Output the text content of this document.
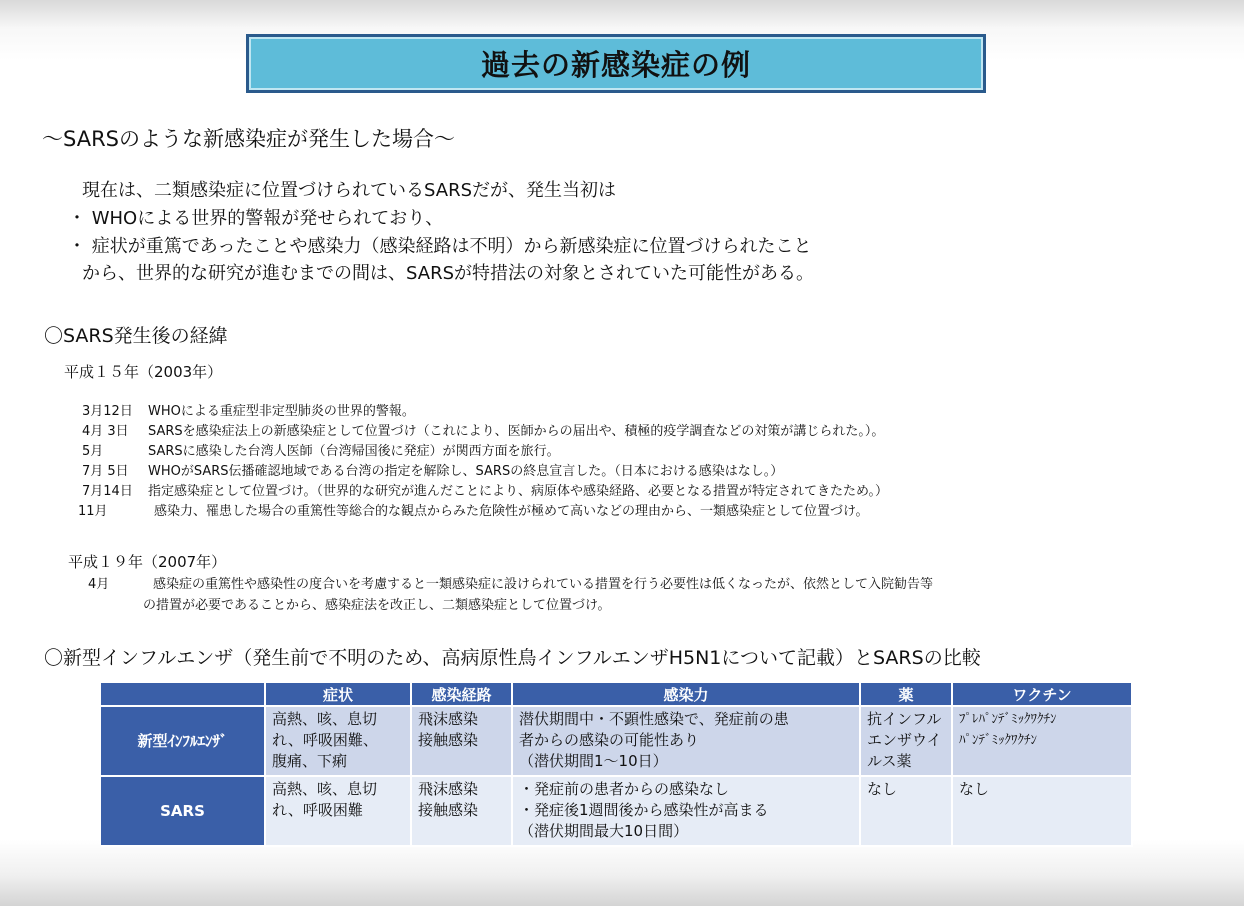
過去の新感染症の例
～SARSのような新感染症が発生した場合～
現在は、二類感染症に位置づけられているSARSだが、発生当初は
・ WHOによる世界的警報が発せられており、
・ 症状が重篤であったことや感染力（感染経路は不明）から新感染症に位置づけられたこと
から、世界的な研究が進むまでの間は、SARSが特措法の対象とされていた可能性がある。
〇SARS発生後の経緯
平成１５年（2003年）
3月12日 WHOによる重症型非定型肺炎の世界的警報。
4月 3日 SARSを感染症法上の新感染症として位置づけ（これにより、医師からの届出や、積極的疫学調査などの対策が講じられた。）。
5月	SARSに感染した台湾人医師（台湾帰国後に発症）が関西方面を旅行。
7月 5日 WHOがSARS伝播確認地域である台湾の指定を解除し、SARSの終息宣言した。（日本における感染はなし。）
7月14日 指定感染症として位置づけ。（世界的な研究が進んだことにより、病原体や感染経路、必要となる措置が特定されてきたため。）
11月	感染力、罹患した場合の重篤性等総合的な観点からみた危険性が極めて高いなどの理由から、一類感染症として位置づけ。
平成１９年（2007年）
4月	感染症の重篤性や感染性の度合いを考慮すると一類感染症に設けられている措置を行う必要性は低くなったが、依然として入院勧告等
の措置が必要であることから、感染症法を改正し、二類感染症として位置づけ。
〇新型インフルエンザ（発生前で不明のため、高病原性鳥インフルエンザH5N1について記載）とSARSの比較
	症状	感染経路	感染力	薬	ワクチン
新型ｲﾝﾌﾙｴﾝｻﾞ	高熱、咳、息切
れ、呼吸困難、
腹痛、下痢	飛沫感染
接触感染	潜伏期間中・不顕性感染で、発症前の患
者からの感染の可能性あり
（潜伏期間1～10日）	抗インフル
エンザウイ
ルス薬	ﾌﾟﾚﾊﾟﾝﾃﾞﾐｯｸﾜｸﾁﾝ
ﾊﾟﾝﾃﾞﾐｯｸﾜｸﾁﾝ
SARS	高熱、咳、息切
れ、呼吸困難	飛沫感染
接触感染	・発症前の患者からの感染なし
・発症後1週間後から感染性が高まる
（潜伏期間最大10日間）	なし	なし
